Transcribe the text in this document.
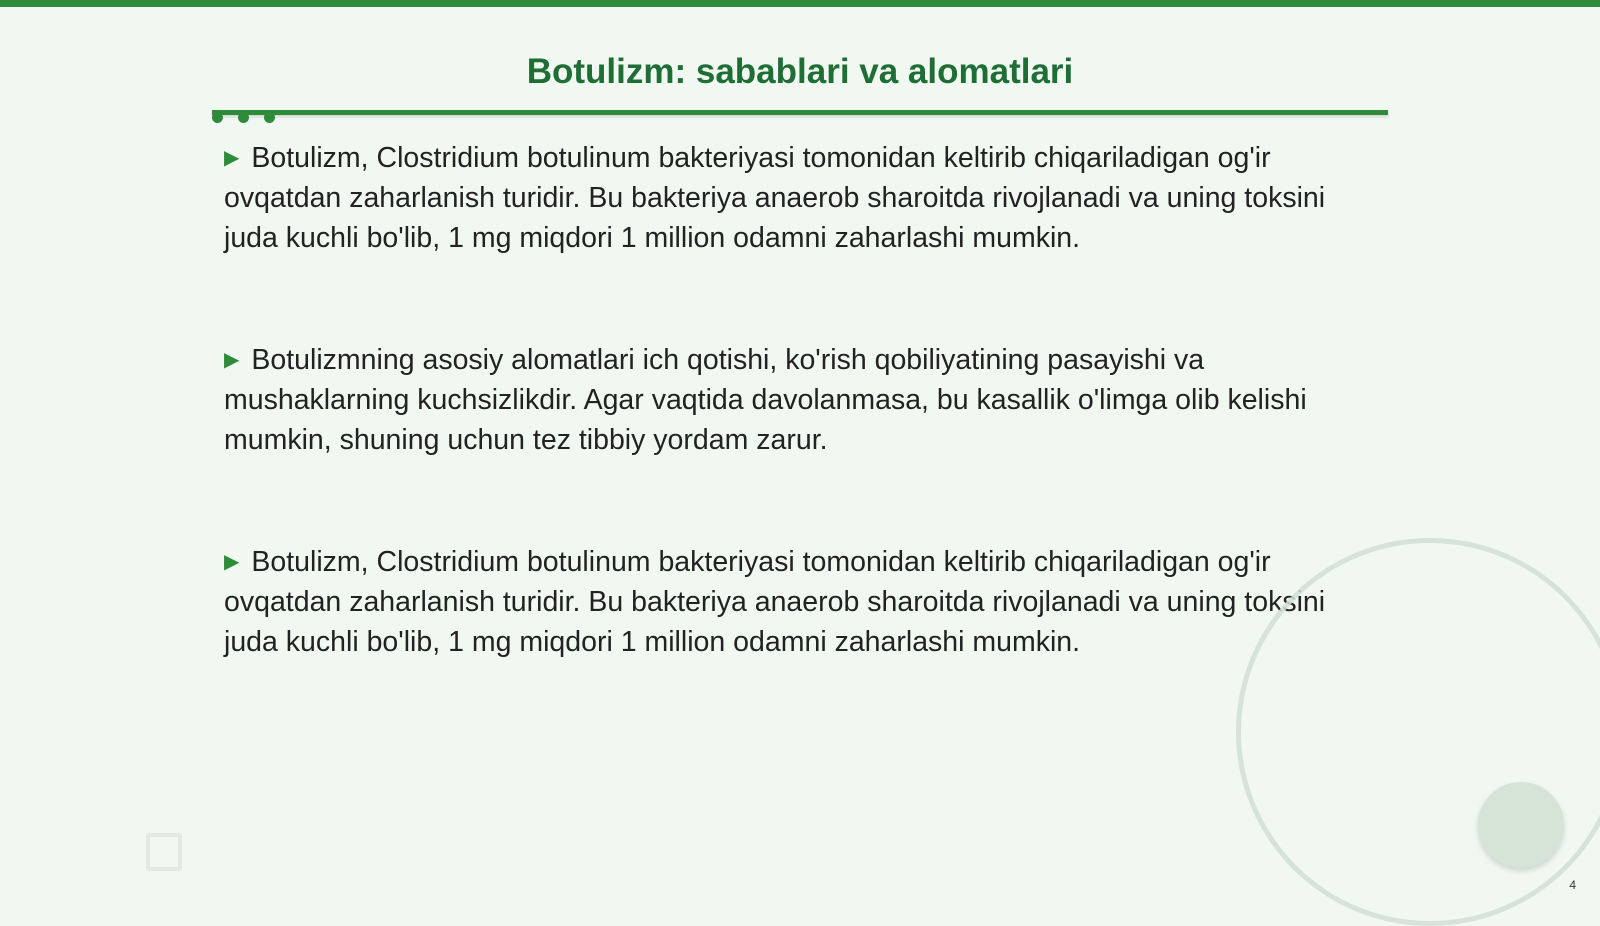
Botulizm: sabablari va alomatlari

▶ Botulizm, Clostridium botulinum bakteriyasi tomonidan keltirib chiqariladigan og'ir ovqatdan zaharlanish turidir. Bu bakteriya anaerob sharoitda rivojlanadi va uning toksini juda kuchli bo'lib, 1 mg miqdori 1 million odamni zaharlashi mumkin.

▶ Botulizmning asosiy alomatlari ich qotishi, ko'rish qobiliyatining pasayishi va mushaklarning kuchsizlikdir. Agar vaqtida davolanmasa, bu kasallik o'limga olib kelishi mumkin, shuning uchun tez tibbiy yordam zarur.

▶ Botulizm, Clostridium botulinum bakteriyasi tomonidan keltirib chiqariladigan og'ir ovqatdan zaharlanish turidir. Bu bakteriya anaerob sharoitda rivojlanadi va uning toksini juda kuchli bo'lib, 1 mg miqdori 1 million odamni zaharlashi mumkin.

4
